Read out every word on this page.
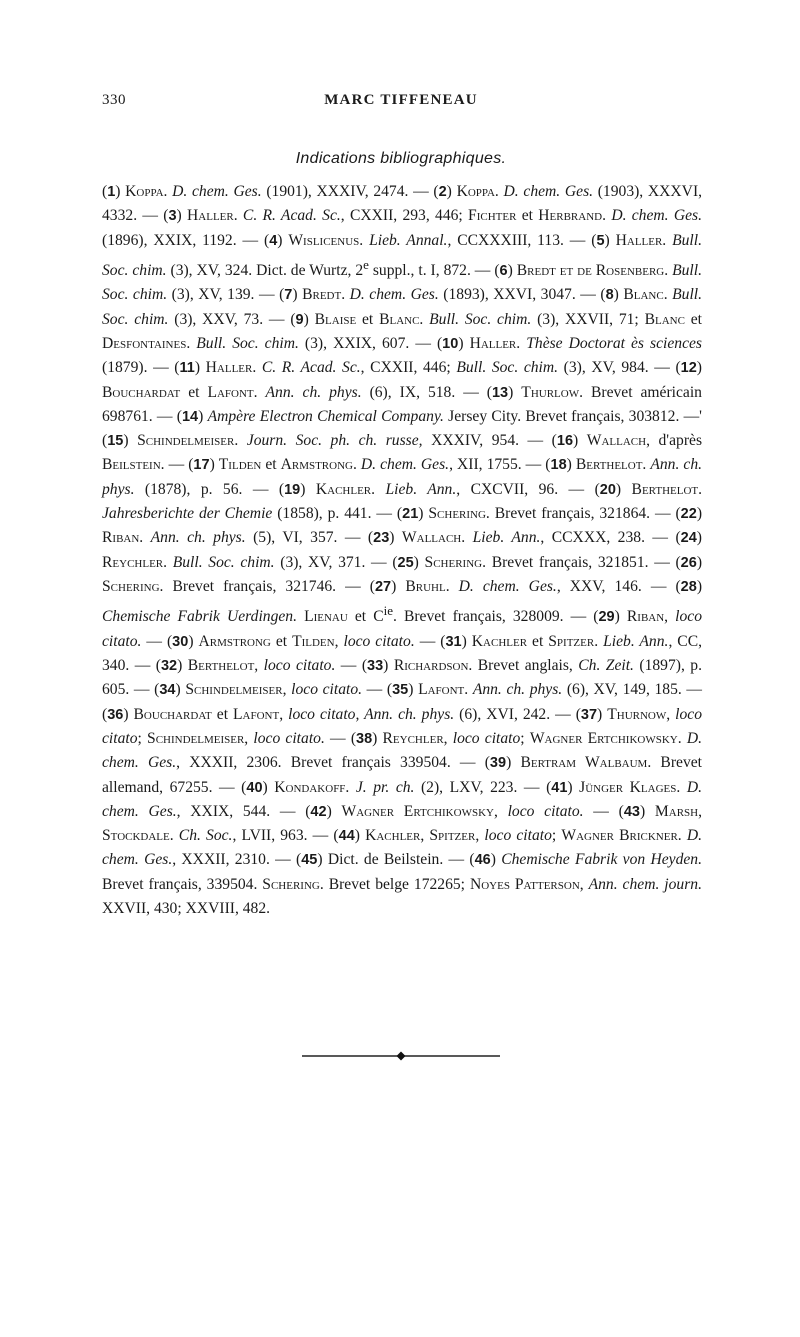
330	MARC TIFFENEAU
Indications bibliographiques.
(1) Koppa. D. chem. Ges. (1901), XXXIV, 2474. — (2) Koppa. D. chem. Ges. (1903), XXXVI, 4332. — (3) Haller. C. R. Acad. Sc., CXXII, 293, 446; Fichter et Herbrand. D. chem. Ges. (1896), XXIX, 1192. — (4) Wislicenus. Lieb. Annal., CCXXXIII, 113. — (5) Haller. Bull. Soc. chim. (3), XV, 324. Dict. de Wurtz, 2e suppl., t. I, 872. — (6) Bredt et de Rosenberg. Bull. Soc. chim. (3), XV, 139. — (7) Bredt. D. chem. Ges. (1893), XXVI, 3047. — (8) Blanc. Bull. Soc. chim. (3), XXV, 73. — (9) Blaise et Blanc. Bull. Soc. chim. (3), XXVII, 71; Blanc et Desfontaines. Bull. Soc. chim. (3), XXIX, 607. — (10) Haller. Thèse Doctorat ès sciences (1879). — (11) Haller. C. R. Acad. Sc., CXXII, 446; Bull. Soc. chim. (3), XV, 984. — (12) Bouchardat et Lafont. Ann. ch. phys. (6), IX, 518. — (13) Thurlow. Brevet américain 698761. — (14) Ampère Electron Chemical Company. Jersey City. Brevet français, 303812. —' (15) Schindelmeiser. Journ. Soc. ph. ch. russe, XXXIV, 954. — (16) Wallach, d'après Beilstein. — (17) Tilden et Armstrong. D. chem. Ges., XII, 1755. — (18) Berthelot. Ann. ch. phys. (1878), p. 56. — (19) Kachler. Lieb. Ann., CXCVII, 96. — (20) Berthelot. Jahresberichte der Chemie (1858), p. 441. — (21) Schering. Brevet français, 321864. — (22) Riban. Ann. ch. phys. (5), VI, 357. — (23) Wallach. Lieb. Ann., CCXXX, 238. — (24) Reychler. Bull. Soc. chim. (3), XV, 371. — (25) Schering. Brevet français, 321851. — (26) Schering. Brevet français, 321746. — (27) Bruhl. D. chem. Ges., XXV, 146. — (28) Chemische Fabrik Uerdingen. Lienau et $C^{ie}$. Brevet français, 328009. — (29) Riban, loco citato. — (30) Armstrong et Tilden, loco citato. — (31) Kachler et Spitzer. Lieb. Ann., CC, 340. — (32) Berthelot, loco citato. — (33) Richardson. Brevet anglais, Ch. Zeit. (1897), p. 605. — (34) Schindelmeiser, loco citato. — (35) Lafont. Ann. ch. phys. (6), XV, 149, 185. — (36) Bouchardat et Lafont, loco citato, Ann. ch. phys. (6), XVI, 242. — (37) Thurnow, loco citato; Schindelmeiser, loco citato. — (38) Reychler, loco citato; Wagner Ertchikowsky. D. chem. Ges., XXXII, 2306. Brevet français 339504. — (39) Bertram Walbaum. Brevet allemand, 67255. — (40) Kondakoff. J. pr. ch. (2), LXV, 223. — (41) Jünger Klages. D. chem. Ges., XXIX, 544. — (42) Wagner Ertchikowsky, loco citato. — (43) Marsh, Stockdale. Ch. Soc., LVII, 963. — (44) Kachler, Spitzer, loco citato; Wagner Brickner. D. chem. Ges., XXXII, 2310. — (45) Dict. de Beilstein. — (46) Chemische Fabrik von Heyden. Brevet français, 339504. Schering. Brevet belge 172265; Noyes Patterson, Ann. chem. journ. XXVII, 430; XXVIII, 482.
